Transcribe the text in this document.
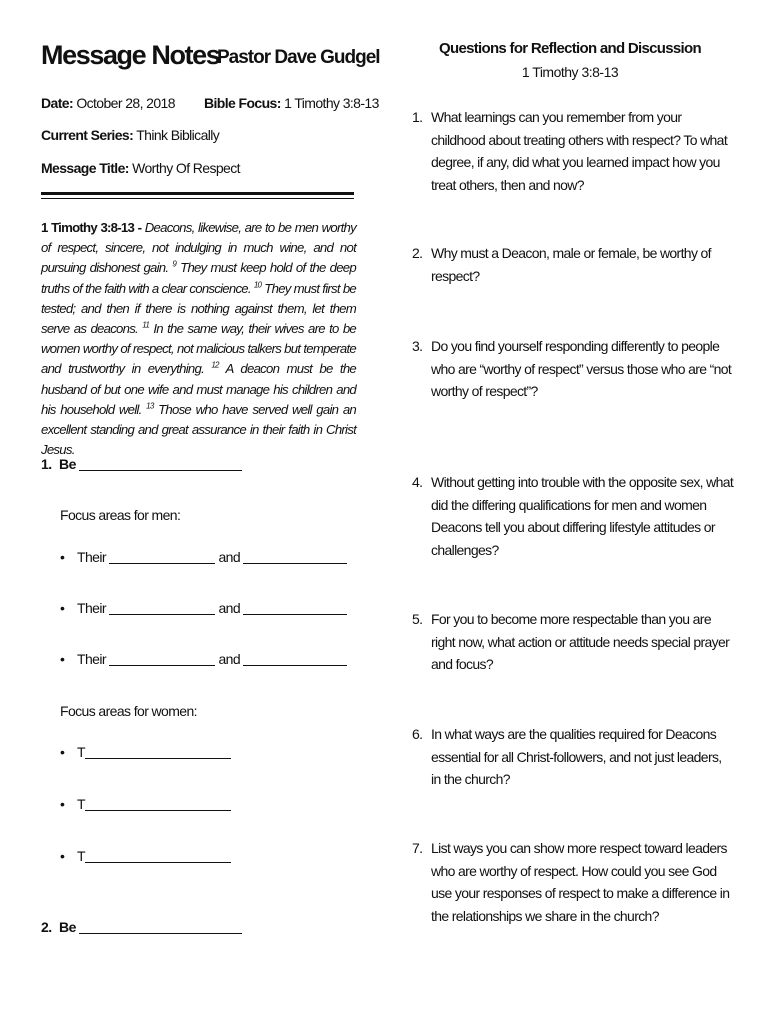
Message Notes
Pastor Dave Gudgel
Date: October 28, 2018 Bible Focus: 1 Timothy 3:8-13
Current Series: Think Biblically
Message Title: Worthy Of Respect
1 Timothy 3:8-13 - Deacons, likewise, are to be men worthy of respect, sincere, not indulging in much wine, and not pursuing dishonest gain. $^9$ They must keep hold of the deep truths of the faith with a clear conscience. $^{10}$ They must first be tested; and then if there is nothing against them, let them serve as deacons. $^{11}$ In the same way, their wives are to be women worthy of respect, not malicious talkers but temperate and trustworthy in everything. $^{12}$ A deacon must be the husband of but one wife and must manage his children and his household well. $^{13}$ Those who have served well gain an excellent standing and great assurance in their faith in Christ Jesus.
1. Be
Focus areas for men:
• Their	and
• Their	and
• Their	and
Focus areas for women:
• T
• T
• T
2. Be
Questions for Reflection and Discussion
1 Timothy 3:8-13
1. What learnings can you remember from your childhood about treating others with respect? To what degree, if any, did what you learned impact how you treat others, then and now?
2. Why must a Deacon, male or female, be worthy of respect?
3. Do you find yourself responding differently to people who are “worthy of respect” versus those who are “not worthy of respect”?
4. Without getting into trouble with the opposite sex, what did the differing qualifications for men and women Deacons tell you about differing lifestyle attitudes or challenges?
5. For you to become more respectable than you are right now, what action or attitude needs special prayer and focus?
6. In what ways are the qualities required for Deacons essential for all Christ-followers, and not just leaders, in the church?
7. List ways you can show more respect toward leaders who are worthy of respect. How could you see God use your responses of respect to make a difference in the relationships we share in the church?
